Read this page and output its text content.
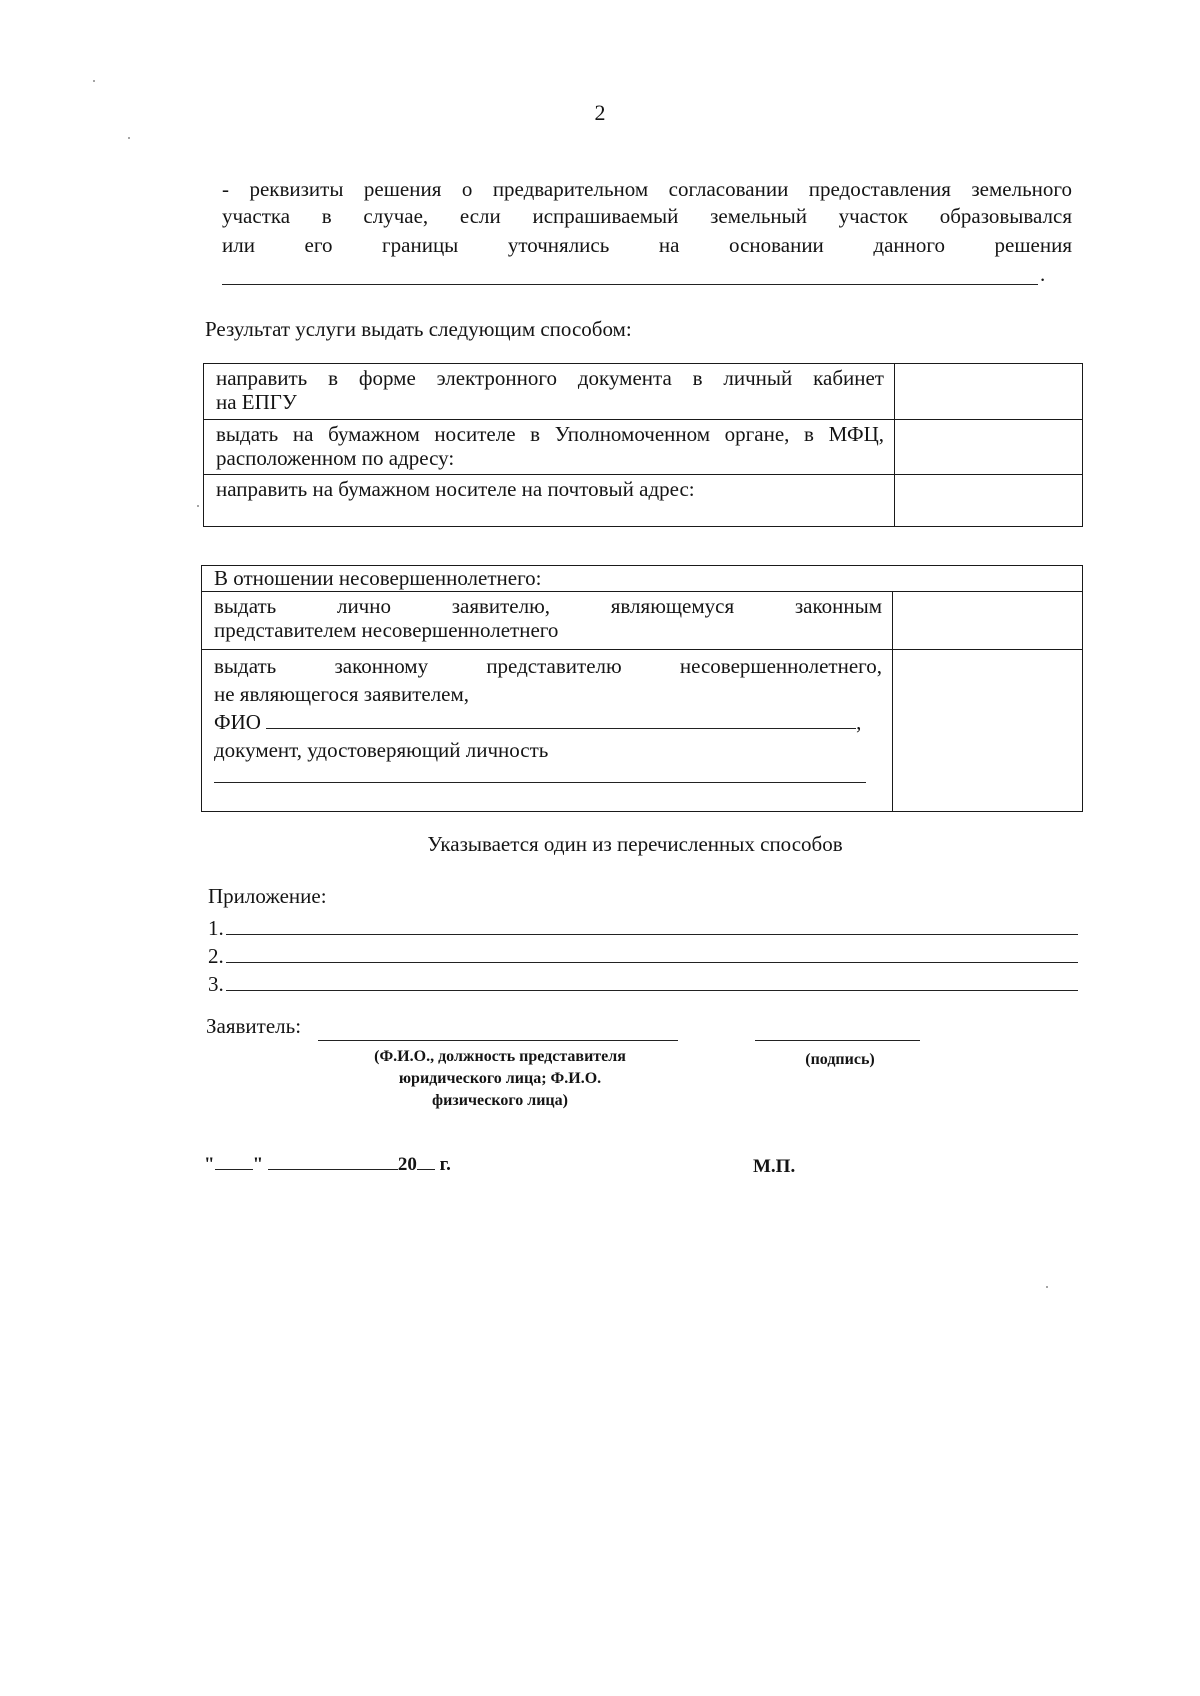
2
- реквизиты решения о предварительном согласовании предоставления земельного
участка в случае, если испрашиваемый земельный участок образовывался
или его границы уточнялись на основании данного решения
.
Результат услуги выдать следующим способом:
направить в форме электронного документа в личный кабинет
на ЕПГУ	

выдать на бумажном носителе в Уполномоченном органе, в МФЦ,
расположенном по адресу:	
направить на бумажном носителе на почтовый адрес:	
В отношении несовершеннолетнего:	

выдать лично заявителю, являющемуся законным
представителем несовершеннолетнего	

выдать законному представителю несовершеннолетнего,
не являющегося заявителем,
ФИО ,
документ, удостоверяющий личность	

Указывается один из перечисленных способов
Приложение:
1.
2.
3.
Заявитель:
(Ф.И.О., должность представителя
юридического лица; Ф.И.О.
физического лица)
(подпись)
" "	20 г.	М.П.
